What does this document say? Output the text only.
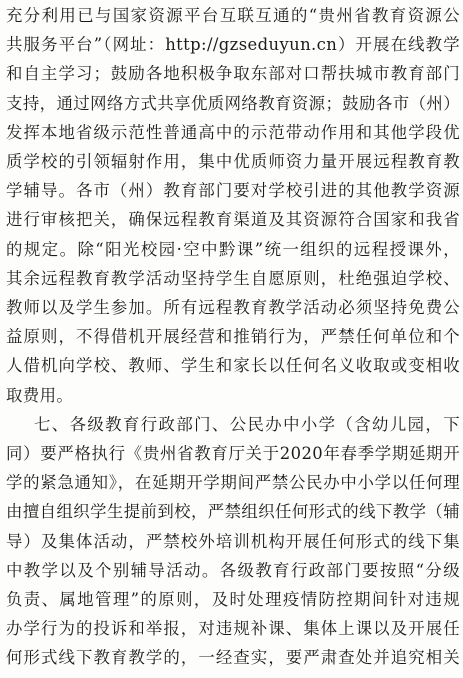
充分利用已与国家资源平台互联互通的“贵州省教育资源公
共服务平台”（网址：http://gzseduyun.cn）开展在线教学
和自主学习；鼓励各地积极争取东部对口帮扶城市教育部门
支持，通过网络方式共享优质网络教育资源；鼓励各市（州）
发挥本地省级示范性普通高中的示范带动作用和其他学段优
质学校的引领辐射作用，集中优质师资力量开展远程教育教
学辅导。各市（州）教育部门要对学校引进的其他教学资源
进行审核把关，确保远程教育渠道及其资源符合国家和我省
的规定。除“阳光校园·空中黔课”统一组织的远程授课外，
其余远程教育教学活动坚持学生自愿原则，杜绝强迫学校、
教师以及学生参加。所有远程教育教学活动必须坚持免费公
益原则，不得借机开展经营和推销行为，严禁任何单位和个
人借机向学校、教师、学生和家长以任何名义收取或变相收
取费用。
七、各级教育行政部门、公民办中小学（含幼儿园，下
同）要严格执行《贵州省教育厅关于2020年春季学期延期开
学的紧急通知》，在延期开学期间严禁公民办中小学以任何理
由擅自组织学生提前到校，严禁组织任何形式的线下教学（辅
导）及集体活动，严禁校外培训机构开展任何形式的线下集
中教学以及个别辅导活动。各级教育行政部门要按照“分级
负责、属地管理”的原则，及时处理疫情防控期间针对违规
办学行为的投诉和举报，对违规补课、集体上课以及开展任
何形式线下教育教学的，一经查实，要严肃查处并追究相关
